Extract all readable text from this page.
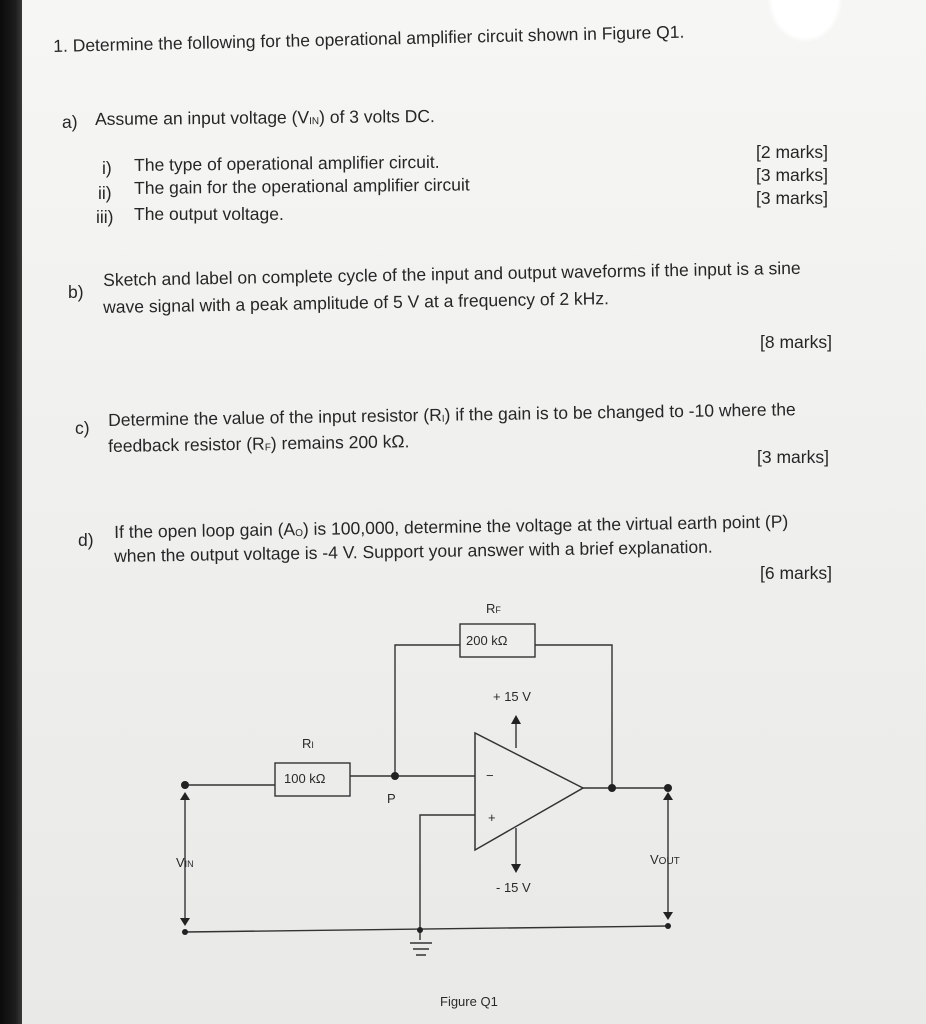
1. Determine the following for the operational amplifier circuit shown in Figure Q1.
a) Assume an input voltage $(V_{IN})$ of 3 volts DC.
i) The type of operational amplifier circuit.
ii) The gain for the operational amplifier circuit
iii) The output voltage.
[2 marks]
[3 marks]
[3 marks]
b)
Sketch and label on complete cycle of the input and output waveforms if the input is a sine
wave signal with a peak amplitude of 5 V at a frequency of 2 kHz.
[8 marks]
c) Determine the value of the input resistor $(R_I)$ if the gain is to be changed to -10 where the
feedback resistor $(R_F)$ remains 200 kΩ.
[3 marks]
d) If the open loop gain $(A_O)$ is 100,000, determine the voltage at the virtual earth point (P)
when the output voltage is -4 V. Support your answer with a brief explanation.
[6 marks]
RF
200 kΩ
RI
100 kΩ
P
+ 15 V
- 15 V
−
+
VIN	VOUT
Figure Q1
